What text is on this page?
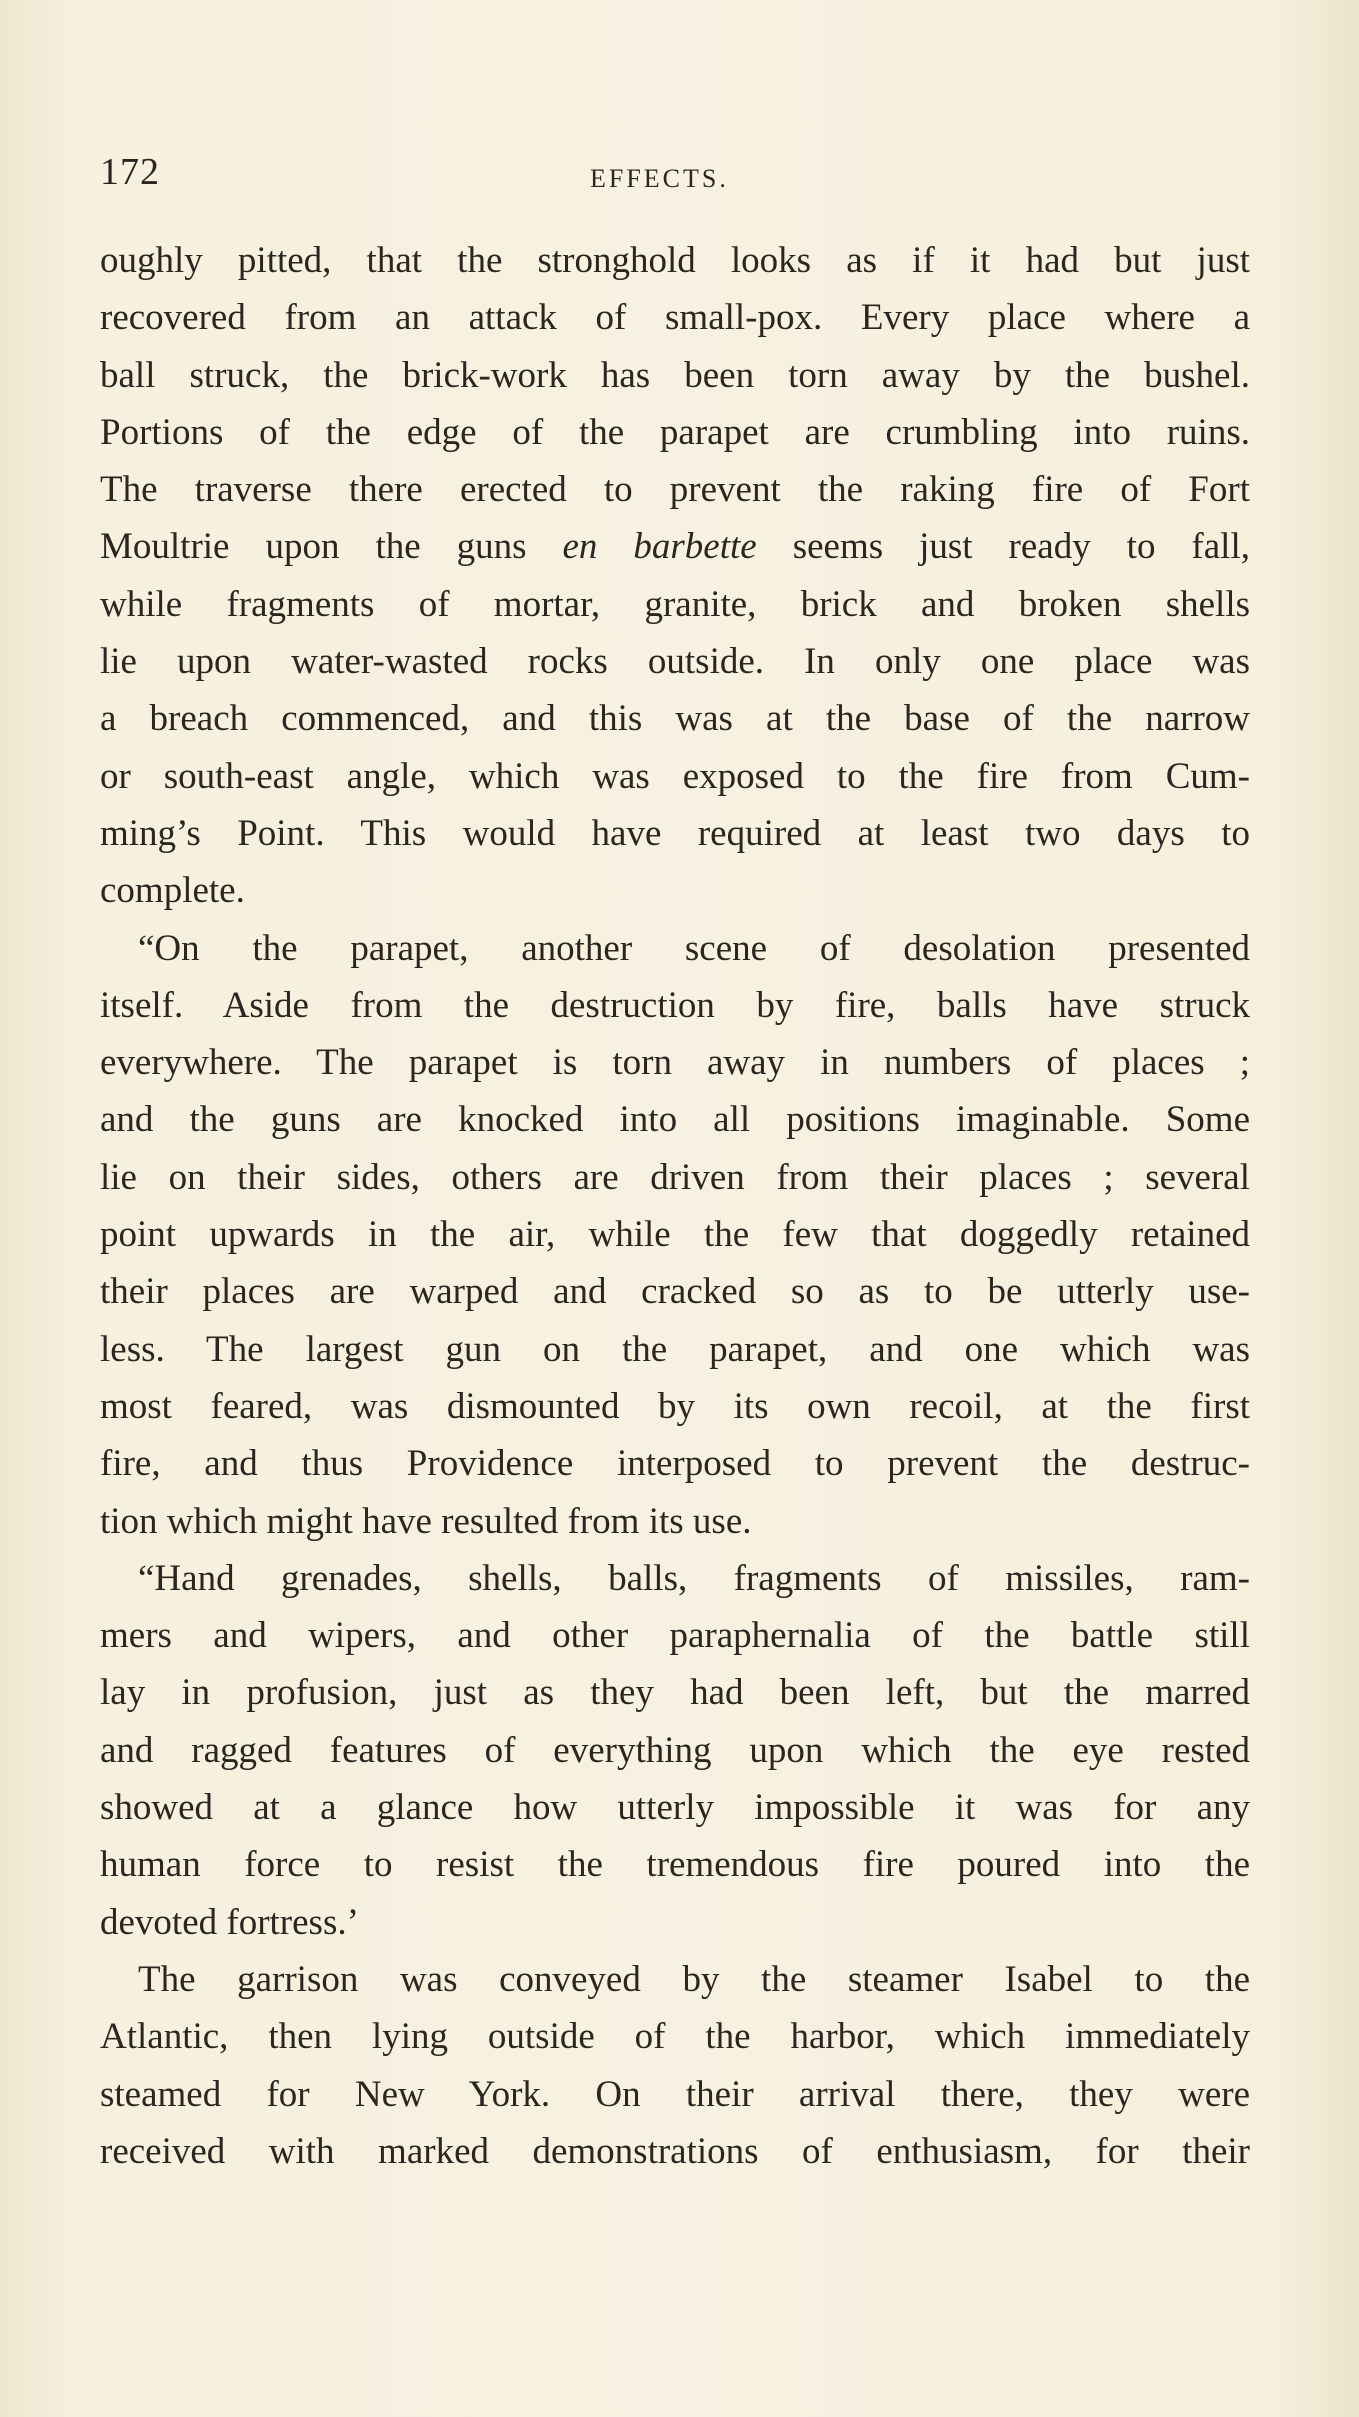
172	EFFECTS.
oughly pitted, that the stronghold looks as if it had but just
recovered from an attack of small-pox. Every place where a
ball struck, the brick-work has been torn away by the bushel.
Portions of the edge of the parapet are crumbling into ruins.
The traverse there erected to prevent the raking fire of Fort
Moultrie upon the guns en barbette seems just ready to fall,
while fragments of mortar, granite, brick and broken shells
lie upon water-wasted rocks outside. In only one place was
a breach commenced, and this was at the base of the narrow
or south-east angle, which was exposed to the fire from Cum-
ming’s Point. This would have required at least two days to
complete.
“On the parapet, another scene of desolation presented
itself. Aside from the destruction by fire, balls have struck
everywhere. The parapet is torn away in numbers of places ;
and the guns are knocked into all positions imaginable. Some
lie on their sides, others are driven from their places ; several
point upwards in the air, while the few that doggedly retained
their places are warped and cracked so as to be utterly use-
less. The largest gun on the parapet, and one which was
most feared, was dismounted by its own recoil, at the first
fire, and thus Providence interposed to prevent the destruc-
tion which might have resulted from its use.
“Hand grenades, shells, balls, fragments of missiles, ram-
mers and wipers, and other paraphernalia of the battle still
lay in profusion, just as they had been left, but the marred
and ragged features of everything upon which the eye rested
showed at a glance how utterly impossible it was for any
human force to resist the tremendous fire poured into the
devoted fortress.’
The garrison was conveyed by the steamer Isabel to the
Atlantic, then lying outside of the harbor, which immediately
steamed for New York. On their arrival there, they were
received with marked demonstrations of enthusiasm, for their
